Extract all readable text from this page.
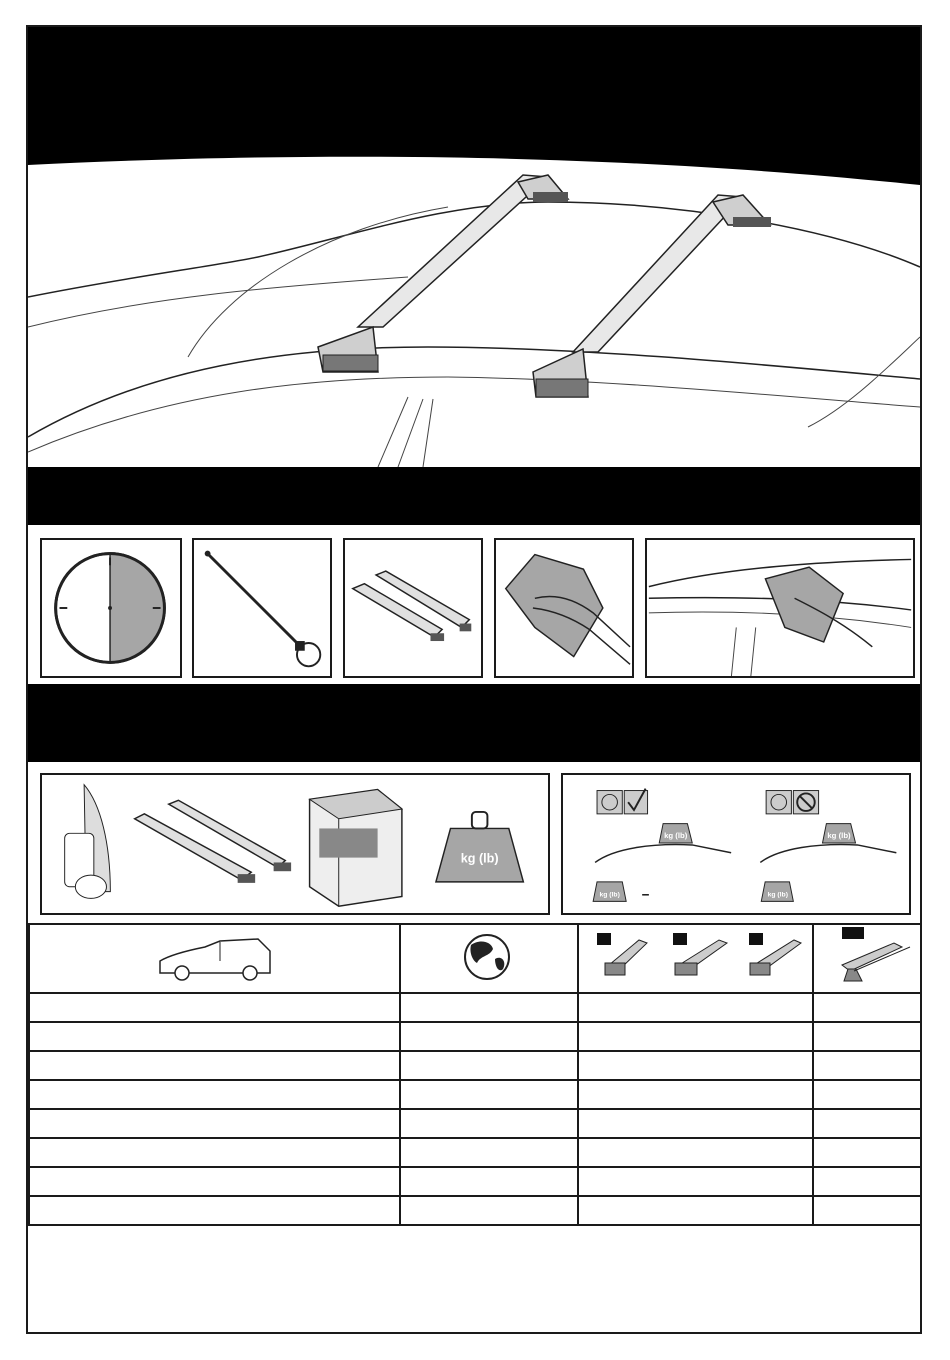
kg (lb)
kg (lb)
kg (lb) –
kg (lb)
kg (lb)
